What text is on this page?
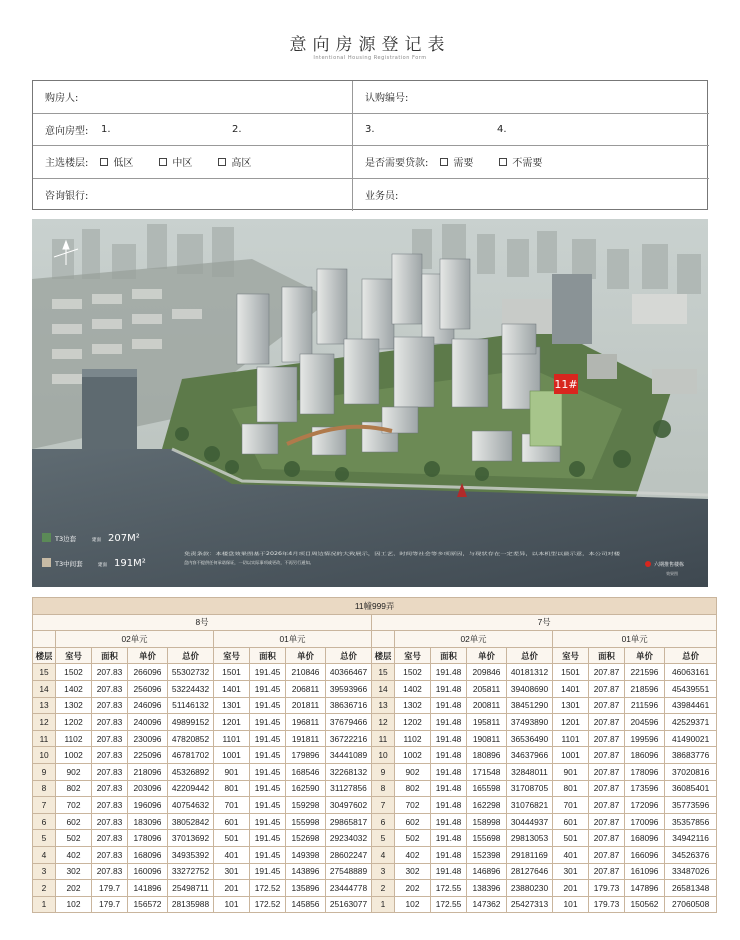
意向房源登记表
Intentional Housing Registration Form
购房人:	认购编号:
意向房型: 1.	2.	3.	4.
主选楼层:	低区	中区	高区	是否需要贷款:	需要	不需要
咨询银行:	业务员:
11#
T3边套	建面 207M²
T3中间套	建面 191M²
免责条款：本楼盘效果图基于2026年4月项目周边情况的大致展示，因工艺、时间等社会等多项原因，与现状存在一定差异，以本机型以最示意，本公司对楼
盘内容不提供任何承诺保证，一切以实际事项或更改，不再另行通知。	六期推售楼栋
效果图
11幢999弄																	
8号									7号								
	02单元				01单元					02单元				01单元			
楼层	室号	面积	单价	总价	室号	面积	单价	总价	楼层	室号	面积	单价	总价	室号	面积	单价	总价
15	1502	207.83	266096	55302732	1501	191.45	210846	40366467	15	1502	191.48	209846	40181312	1501	207.87	221596	46063161
14	1402	207.83	256096	53224432	1401	191.45	206811	39593966	14	1402	191.48	205811	39408690	1401	207.87	218596	45439551
13	1302	207.83	246096	51146132	1301	191.45	201811	38636716	13	1302	191.48	200811	38451290	1301	207.87	211596	43984461
12	1202	207.83	240096	49899152	1201	191.45	196811	37679466	12	1202	191.48	195811	37493890	1201	207.87	204596	42529371
11	1102	207.83	230096	47820852	1101	191.45	191811	36722216	11	1102	191.48	190811	36536490	1101	207.87	199596	41490021
10	1002	207.83	225096	46781702	1001	191.45	179896	34441089	10	1002	191.48	180896	34637966	1001	207.87	186096	38683776
9	902	207.83	218096	45326892	901	191.45	168546	32268132	9	902	191.48	171548	32848011	901	207.87	178096	37020816
8	802	207.83	203096	42209442	801	191.45	162590	31127856	8	802	191.48	165598	31708705	801	207.87	173596	36085401
7	702	207.83	196096	40754632	701	191.45	159298	30497602	7	702	191.48	162298	31076821	701	207.87	172096	35773596
6	602	207.83	183096	38052842	601	191.45	155998	29865817	6	602	191.48	158998	30444937	601	207.87	170096	35357856
5	502	207.83	178096	37013692	501	191.45	152698	29234032	5	502	191.48	155698	29813053	501	207.87	168096	34942116
4	402	207.83	168096	34935392	401	191.45	149398	28602247	4	402	191.48	152398	29181169	401	207.87	166096	34526376
3	302	207.83	160096	33272752	301	191.45	143896	27548889	3	302	191.48	146896	28127646	301	207.87	161096	33487026
2	202	179.7	141896	25498711	201	172.52	135896	23444778	2	202	172.55	138396	23880230	201	179.73	147896	26581348
1	102	179.7	156572	28135988	101	172.52	145856	25163077	1	102	172.55	147362	25427313	101	179.73	150562	27060508
